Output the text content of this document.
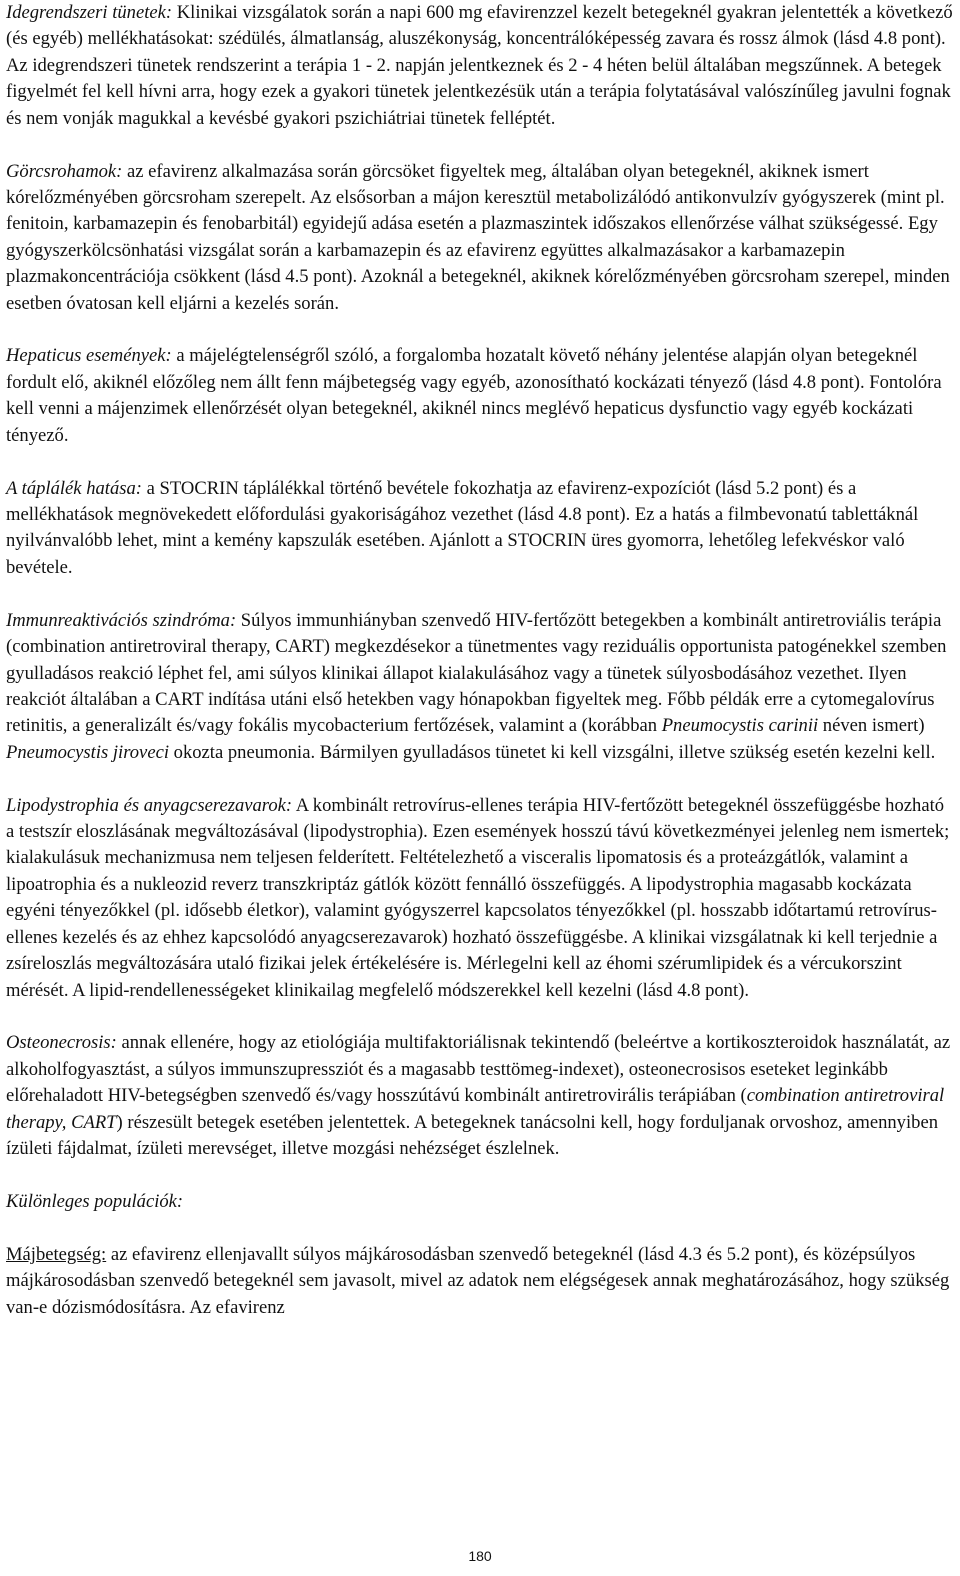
Idegrendszeri tünetek: Klinikai vizsgálatok során a napi 600 mg efavirenzzel kezelt betegeknél gyakran jelentették a következő (és egyéb) mellékhatásokat: szédülés, álmatlanság, aluszékonyság, koncentrálóképesség zavara és rossz álmok (lásd 4.8 pont). Az idegrendszeri tünetek rendszerint a terápia 1 - 2. napján jelentkeznek és 2 - 4 héten belül általában megszűnnek. A betegek figyelmét fel kell hívni arra, hogy ezek a gyakori tünetek jelentkezésük után a terápia folytatásával valószínűleg javulni fognak és nem vonják magukkal a kevésbé gyakori pszichiátriai tünetek felléptét.

Görcsrohamok: az efavirenz alkalmazása során görcsöket figyeltek meg, általában olyan betegeknél, akiknek ismert kórelőzményében görcsroham szerepelt. Az elsősorban a májon keresztül metabolizálódó antikonvulzív gyógyszerek (mint pl. fenitoin, karbamazepin és fenobarbitál) egyidejű adása esetén a plazmaszintek időszakos ellenőrzése válhat szükségessé. Egy gyógyszerkölcsönhatási vizsgálat során a karbamazepin és az efavirenz együttes alkalmazásakor a karbamazepin plazmakoncentrációja csökkent (lásd 4.5 pont). Azoknál a betegeknél, akiknek kórelőzményében görcsroham szerepel, minden esetben óvatosan kell eljárni a kezelés során.

Hepaticus események: a májelégtelenségről szóló, a forgalomba hozatalt követő néhány jelentése alapján olyan betegeknél fordult elő, akiknél előzőleg nem állt fenn májbetegség vagy egyéb, azonosítható kockázati tényező (lásd 4.8 pont). Fontolóra kell venni a májenzimek ellenőrzését olyan betegeknél, akiknél nincs meglévő hepaticus dysfunctio vagy egyéb kockázati tényező.

A táplálék hatása: a STOCRIN táplálékkal történő bevétele fokozhatja az efavirenz-expozíciót (lásd 5.2 pont) és a mellékhatások megnövekedett előfordulási gyakoriságához vezethet (lásd 4.8 pont). Ez a hatás a filmbevonatú tablettáknál nyilvánvalóbb lehet, mint a kemény kapszulák esetében. Ajánlott a STOCRIN üres gyomorra, lehetőleg lefekvéskor való bevétele.

Immunreaktivációs szindróma: Súlyos immunhiányban szenvedő HIV-fertőzött betegekben a kombinált antiretroviális terápia (combination antiretroviral therapy, CART) megkezdésekor a tünetmentes vagy reziduális opportunista patogénekkel szemben gyulladásos reakció léphet fel, ami súlyos klinikai állapot kialakulásához vagy a tünetek súlyosbodásához vezethet. Ilyen reakciót általában a CART indítása utáni első hetekben vagy hónapokban figyeltek meg. Főbb példák erre a cytomegalovírus retinitis, a generalizált és/vagy fokális mycobacterium fertőzések, valamint a (korábban Pneumocystis carinii néven ismert) Pneumocystis jiroveci okozta pneumonia. Bármilyen gyulladásos tünetet ki kell vizsgálni, illetve szükség esetén kezelni kell.

Lipodystrophia és anyagcserezavarok: A kombinált retrovírus-ellenes terápia HIV-fertőzött betegeknél összefüggésbe hozható a testszír eloszlásának megváltozásával (lipodystrophia). Ezen események hosszú távú következményei jelenleg nem ismertek; kialakulásuk mechanizmusa nem teljesen felderített. Feltételezhető a visceralis lipomatosis és a proteázgátlók, valamint a lipoatrophia és a nukleozid reverz transzkriptáz gátlók között fennálló összefüggés. A lipodystrophia magasabb kockázata egyéni tényezőkkel (pl. idősebb életkor), valamint gyógyszerrel kapcsolatos tényezőkkel (pl. hosszabb időtartamú retrovírus-ellenes kezelés és az ehhez kapcsolódó anyagcserezavarok) hozható összefüggésbe. A klinikai vizsgálatnak ki kell terjednie a zsíreloszlás megváltozására utaló fizikai jelek értékelésére is. Mérlegelni kell az éhomi szérumlipidek és a vércukorszint mérését. A lipid-rendellenességeket klinikailag megfelelő módszerekkel kell kezelni (lásd 4.8 pont).

Osteonecrosis: annak ellenére, hogy az etiológiája multifaktoriálisnak tekintendő (beleértve a kortikoszteroidok használatát, az alkoholfogyasztást, a súlyos immunszupressziót és a magasabb testtömeg-indexet), osteonecrosisos eseteket leginkább előrehaladott HIV-betegségben szenvedő és/vagy hosszútávú kombinált antiretrovirális terápiában (combination antiretroviral therapy, CART) részesült betegek esetében jelentettek. A betegeknek tanácsolni kell, hogy forduljanak orvoshoz, amennyiben ízületi fájdalmat, ízületi merevséget, illetve mozgási nehézséget észlelnek.

Különleges populációk:

Májbetegség: az efavirenz ellenjavallt súlyos májkárosodásban szenvedő betegeknél (lásd 4.3 és 5.2 pont), és középsúlyos májkárosodásban szenvedő betegeknél sem javasolt, mivel az adatok nem elégségesek annak meghatározásához, hogy szükség van-e dózismódosításra. Az efavirenz

180
